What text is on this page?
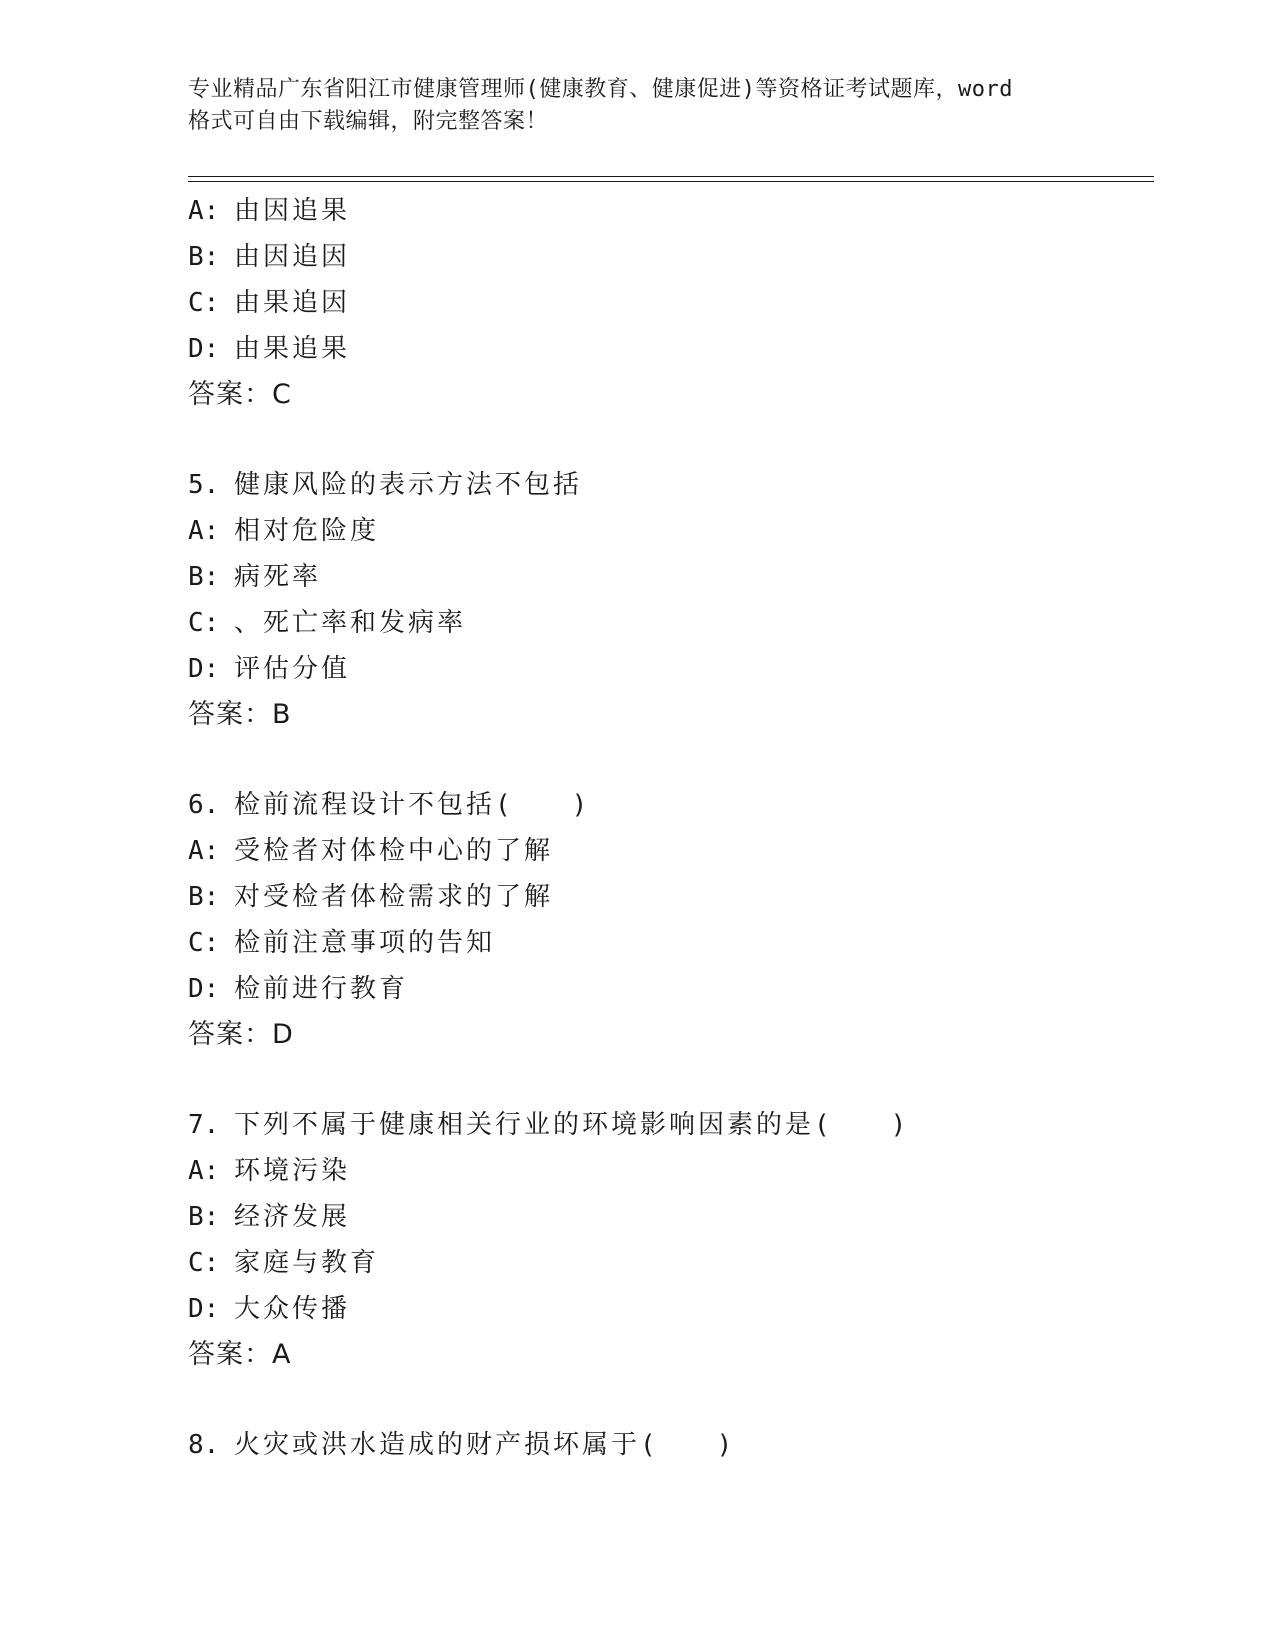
专业精品广东省阳江市健康管理师(健康教育、健康促进)等资格证考试题库，word
格式可自由下载编辑，附完整答案！
A: 由因追果
B: 由因追因
C: 由果追因
D: 由果追果
答案：C
5. 健康风险的表示方法不包括
A: 相对危险度
B: 病死率
C: 、死亡率和发病率
D: 评估分值
答案：B
6. 检前流程设计不包括(　　)
A: 受检者对体检中心的了解
B: 对受检者体检需求的了解
C: 检前注意事项的告知
D: 检前进行教育
答案：D
7. 下列不属于健康相关行业的环境影响因素的是(　　)
A: 环境污染
B: 经济发展
C: 家庭与教育
D: 大众传播
答案：A
8. 火灾或洪水造成的财产损坏属于(　　)
